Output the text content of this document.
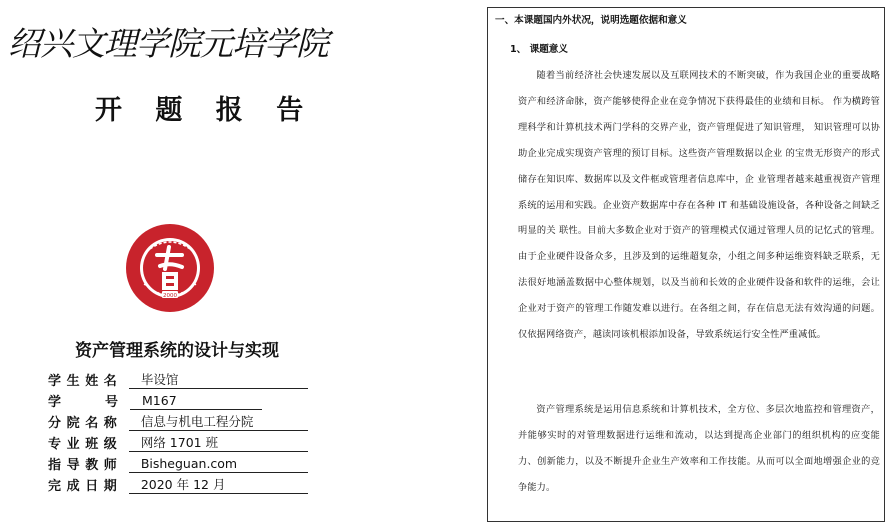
绍兴文理学院元培学院
开 题 报 告
2000
资产管理系统的设计与实现
学 生 姓 名	毕设馆
学	号	M167
分 院 名 称	信息与机电工程分院
专 业 班 级	网络 1701 班
指 导 教 师	Bisheguan.com
完 成 日 期	2020 年 12 月
一、本课题国内外状况，说明选题依据和意义
1、 课题意义
随着当前经济社会快速发展以及互联网技术的不断突破，作为我国企业的重要战略资产和经济命脉，资产能够使得企业在竞争情况下获得最佳的业绩和目标。 作为横跨管理科学和计算机技术两门学科的交界产业，资产管理促进了知识管理， 知识管理可以协助企业完成实现资产管理的预订目标。这些资产管理数据以企业 的宝贵无形资产的形式储存在知识库、数据库以及文件框或管理者信息库中，企 业管理者越来越重视资产管理系统的运用和实践。企业资产数据库中存在各种 IT 和基础设施设备，各种设备之间缺乏明显的关 联性。目前大多数企业对于资产的管理模式仅通过管理人员的记忆式的管理。由于企业硬件设备众多，且涉及到的运维超复杂，小组之间多种运维资料缺乏联系，无法很好地涵盖数据中心整体规划，以及当前和长效的企业硬件设备和软件的运维，会让企业对于资产的管理工作随发难以进行。在各组之间，存在信息无法有效沟通的问题。仅依据网络资产，越读同该机根添加设备，导致系统运行安全性严重减低。
资产管理系统是运用信息系统和计算机技术，全方位、多层次地监控和管理资产，并能够实时的对管理数据进行运维和流动，以达到提高企业部门的组织机构的应变能力、创新能力，以及不断提升企业生产效率和工作技能。从而可以全面地增强企业的竞争能力。
